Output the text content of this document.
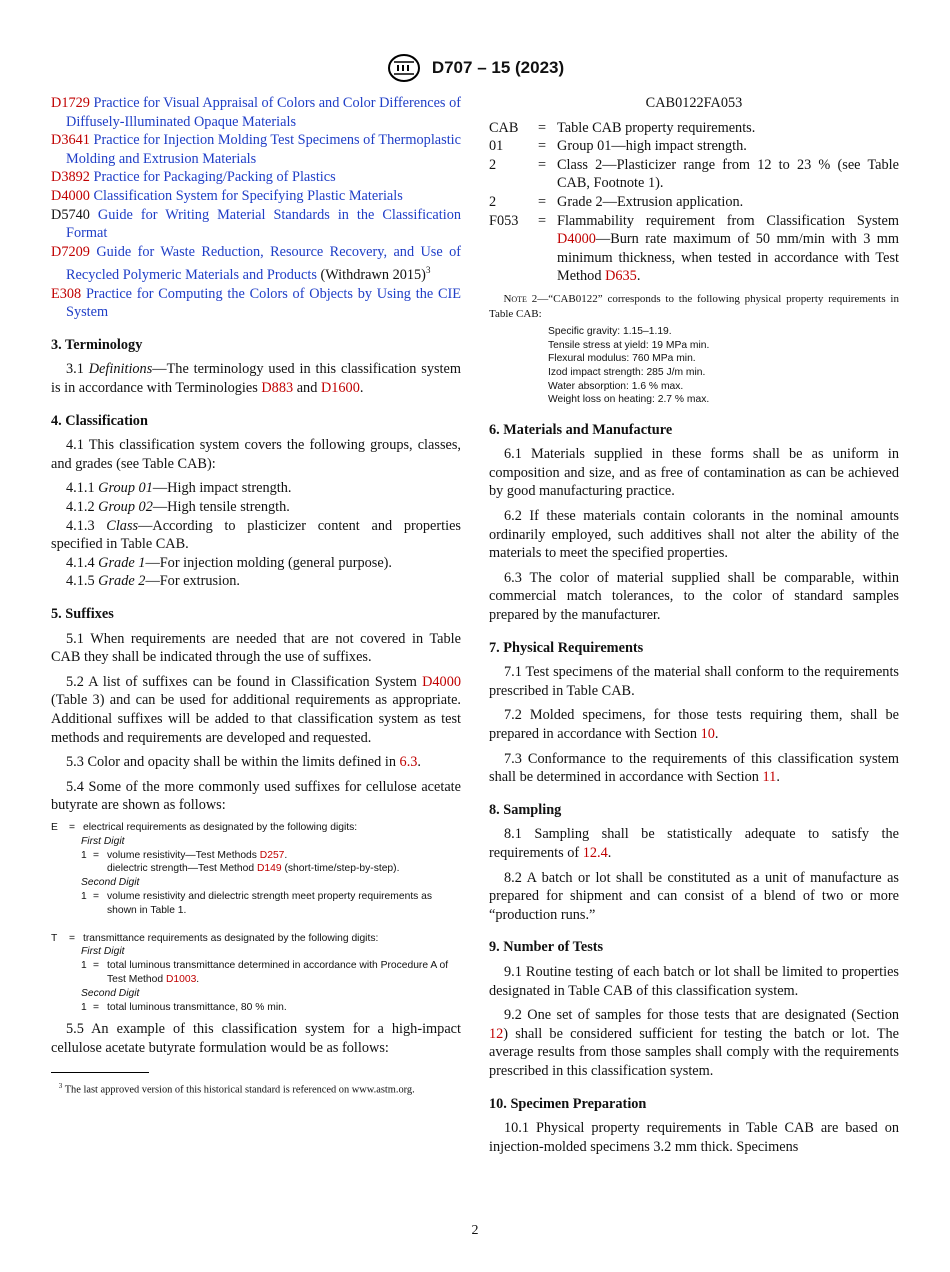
D707 – 15 (2023)
D1729 Practice for Visual Appraisal of Colors and Color Differences of Diffusely-Illuminated Opaque Materials
D3641 Practice for Injection Molding Test Specimens of Thermoplastic Molding and Extrusion Materials
D3892 Practice for Packaging/Packing of Plastics
D4000 Classification System for Specifying Plastic Materials
D5740 Guide for Writing Material Standards in the Classification Format
D7209 Guide for Waste Reduction, Resource Recovery, and Use of Recycled Polymeric Materials and Products (Withdrawn 2015)$^3$
E308 Practice for Computing the Colors of Objects by Using the CIE System
3. Terminology

3.1 Definitions—The terminology used in this classification system is in accordance with Terminologies D883 and D1600.

4. Classification

4.1 This classification system covers the following groups, classes, and grades (see Table CAB):

4.1.1 Group 01—High impact strength.

4.1.2 Group 02—High tensile strength.

4.1.3 Class—According to plasticizer content and properties specified in Table CAB.

4.1.4 Grade 1—For injection molding (general purpose).

4.1.5 Grade 2—For extrusion.

5. Suffixes

5.1 When requirements are needed that are not covered in Table CAB they shall be indicated through the use of suffixes.

5.2 A list of suffixes can be found in Classification System D4000 (Table 3) and can be used for additional requirements as appropriate. Additional suffixes will be added to that classification system as test methods and requirements are developed and requested.

5.3 Color and opacity shall be within the limits defined in 6.3.

5.4 Some of the more commonly used suffixes for cellulose acetate butyrate are shown as follows:

E	= electrical requirements as designated by the following digits:
First Digit
1 = volume resistivity—Test Methods D257.
dielectric strength—Test Method D149 (short-time/step-by-step).
Second Digit
1 = volume resistivity and dielectric strength meet property requirements as shown in Table 1.
T	= transmittance requirements as designated by the following digits:
First Digit
1 = total luminous transmittance determined in accordance with Procedure A of Test Method D1003.
Second Digit
1 = total luminous transmittance, 80 % min.

5.5 An example of this classification system for a high-impact cellulose acetate butyrate formulation would be as follows:

$^3$ The last approved version of this historical standard is referenced on www.astm.org.
CAB0122FA053
CAB	= Table CAB property requirements.
01	= Group 01—high impact strength.
2	= Class 2—Plasticizer range from 12 to 23 % (see Table CAB, Footnote 1).
2	= Grade 2—Extrusion application.
F053	= Flammability requirement from Classification System D4000—Burn rate maximum of 50 mm/min with 3 mm minimum thickness, when tested in accordance with Test Method D635.

Note 2—“CAB0122” corresponds to the following physical property requirements in Table CAB:

Specific gravity: 1.15–1.19.
Tensile stress at yield: 19 MPa min.
Flexural modulus: 760 MPa min.
Izod impact strength: 285 J/m min.
Water absorption: 1.6 % max.
Weight loss on heating: 2.7 % max.
6. Materials and Manufacture

6.1 Materials supplied in these forms shall be as uniform in composition and size, and as free of contamination as can be achieved by good manufacturing practice.

6.2 If these materials contain colorants in the nominal amounts ordinarily employed, such additives shall not alter the ability of the materials to meet the specified properties.

6.3 The color of material supplied shall be comparable, within commercial match tolerances, to the color of standard samples prepared by the manufacturer.

7. Physical Requirements

7.1 Test specimens of the material shall conform to the requirements prescribed in Table CAB.

7.2 Molded specimens, for those tests requiring them, shall be prepared in accordance with Section 10.

7.3 Conformance to the requirements of this classification system shall be determined in accordance with Section 11.

8. Sampling

8.1 Sampling shall be statistically adequate to satisfy the requirements of 12.4.

8.2 A batch or lot shall be constituted as a unit of manufacture as prepared for shipment and can consist of a blend of two or more “production runs.”

9. Number of Tests

9.1 Routine testing of each batch or lot shall be limited to properties designated in Table CAB of this classification system.

9.2 One set of samples for those tests that are designated (Section 12) shall be considered sufficient for testing the batch or lot. The average results from those samples shall comply with the requirements prescribed in this classification system.

10. Specimen Preparation

10.1 Physical property requirements in Table CAB are based on injection-molded specimens 3.2 mm thick. Specimens

2
